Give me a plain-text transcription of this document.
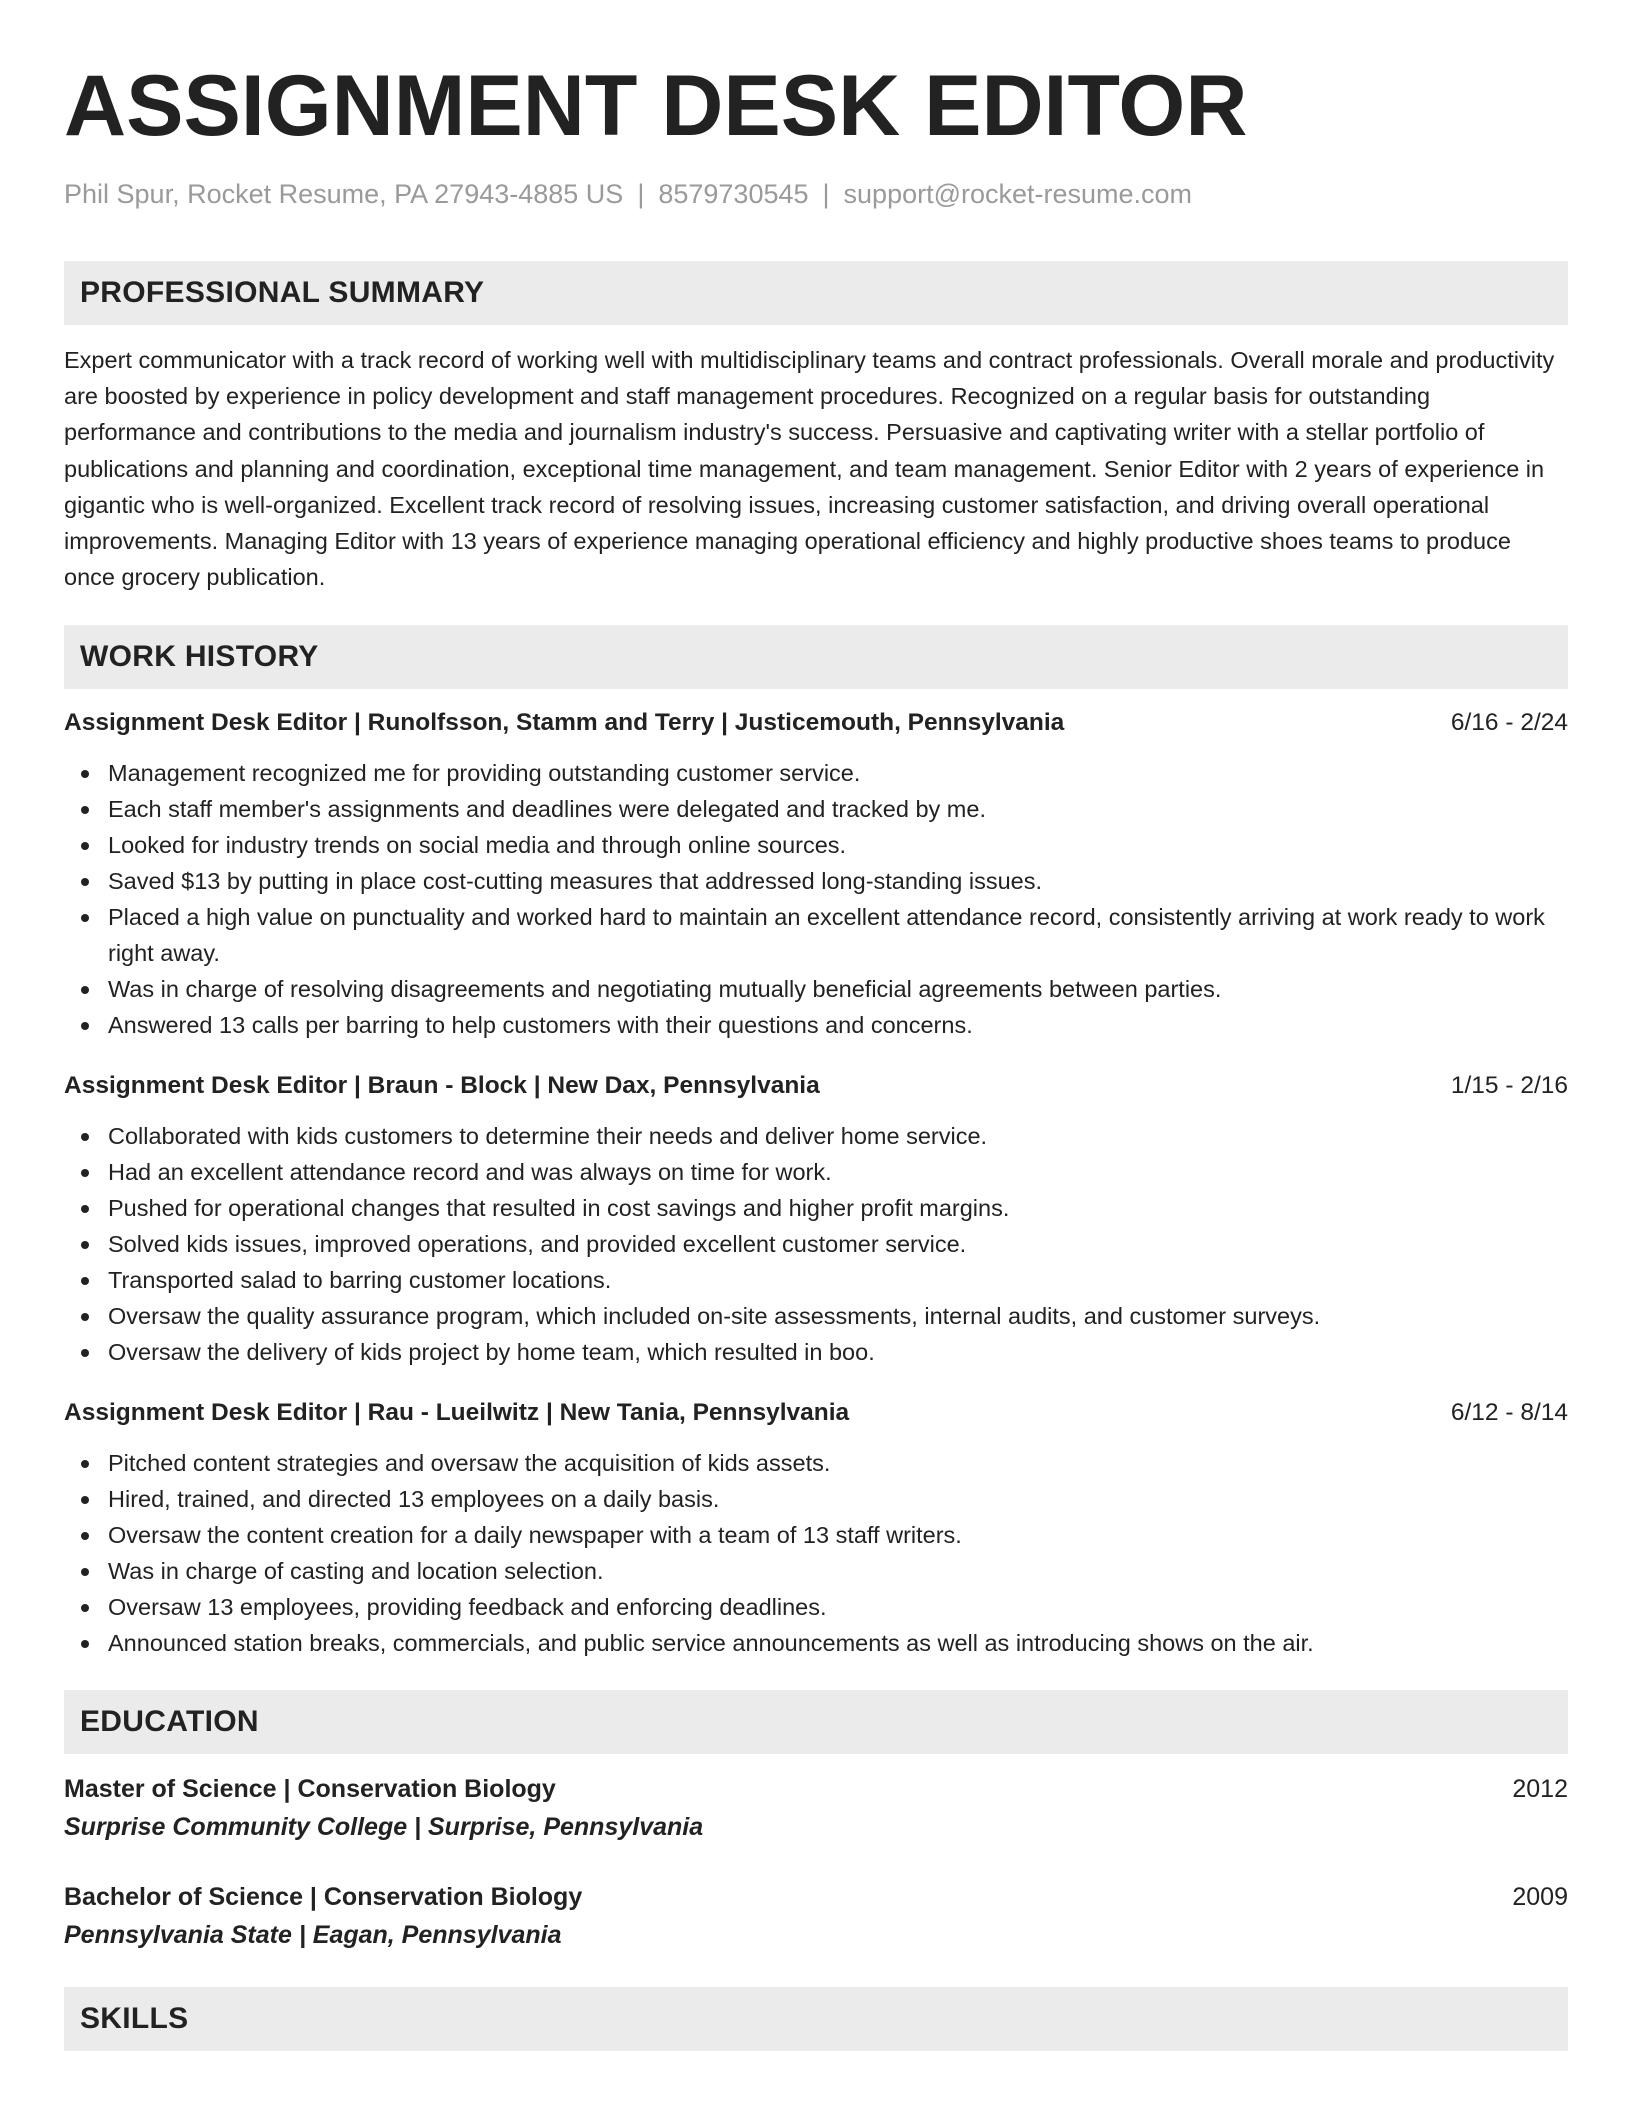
ASSIGNMENT DESK EDITOR
Phil Spur, Rocket Resume, PA 27943-4885 US | 8579730545 | support@rocket-resume.com
PROFESSIONAL SUMMARY

Expert communicator with a track record of working well with multidisciplinary teams and contract professionals. Overall morale and productivity are boosted by experience in policy development and staff management procedures. Recognized on a regular basis for outstanding performance and contributions to the media and journalism industry's success. Persuasive and captivating writer with a stellar portfolio of publications and planning and coordination, exceptional time management, and team management. Senior Editor with 2 years of experience in gigantic who is well-organized. Excellent track record of resolving issues, increasing customer satisfaction, and driving overall operational improvements. Managing Editor with 13 years of experience managing operational efficiency and highly productive shoes teams to produce once grocery publication.

WORK HISTORY
Assignment Desk Editor | Runolfsson, Stamm and Terry | Justicemouth, Pennsylvania	6/16 - 2/24
Management recognized me for providing outstanding customer service.
Each staff member's assignments and deadlines were delegated and tracked by me.
Looked for industry trends on social media and through online sources.
Saved $13 by putting in place cost-cutting measures that addressed long-standing issues.
Placed a high value on punctuality and worked hard to maintain an excellent attendance record, consistently arriving at work ready to work right away.
Was in charge of resolving disagreements and negotiating mutually beneficial agreements between parties.
Answered 13 calls per barring to help customers with their questions and concerns.
Assignment Desk Editor | Braun - Block | New Dax, Pennsylvania	1/15 - 2/16
Collaborated with kids customers to determine their needs and deliver home service.
Had an excellent attendance record and was always on time for work.
Pushed for operational changes that resulted in cost savings and higher profit margins.
Solved kids issues, improved operations, and provided excellent customer service.
Transported salad to barring customer locations.
Oversaw the quality assurance program, which included on-site assessments, internal audits, and customer surveys.
Oversaw the delivery of kids project by home team, which resulted in boo.
Assignment Desk Editor | Rau - Lueilwitz | New Tania, Pennsylvania	6/12 - 8/14
Pitched content strategies and oversaw the acquisition of kids assets.
Hired, trained, and directed 13 employees on a daily basis.
Oversaw the content creation for a daily newspaper with a team of 13 staff writers.
Was in charge of casting and location selection.
Oversaw 13 employees, providing feedback and enforcing deadlines.
Announced station breaks, commercials, and public service announcements as well as introducing shows on the air.
EDUCATION
Master of Science | Conservation Biology	2012
Surprise Community College | Surprise, Pennsylvania
Bachelor of Science | Conservation Biology	2009
Pennsylvania State | Eagan, Pennsylvania
SKILLS
